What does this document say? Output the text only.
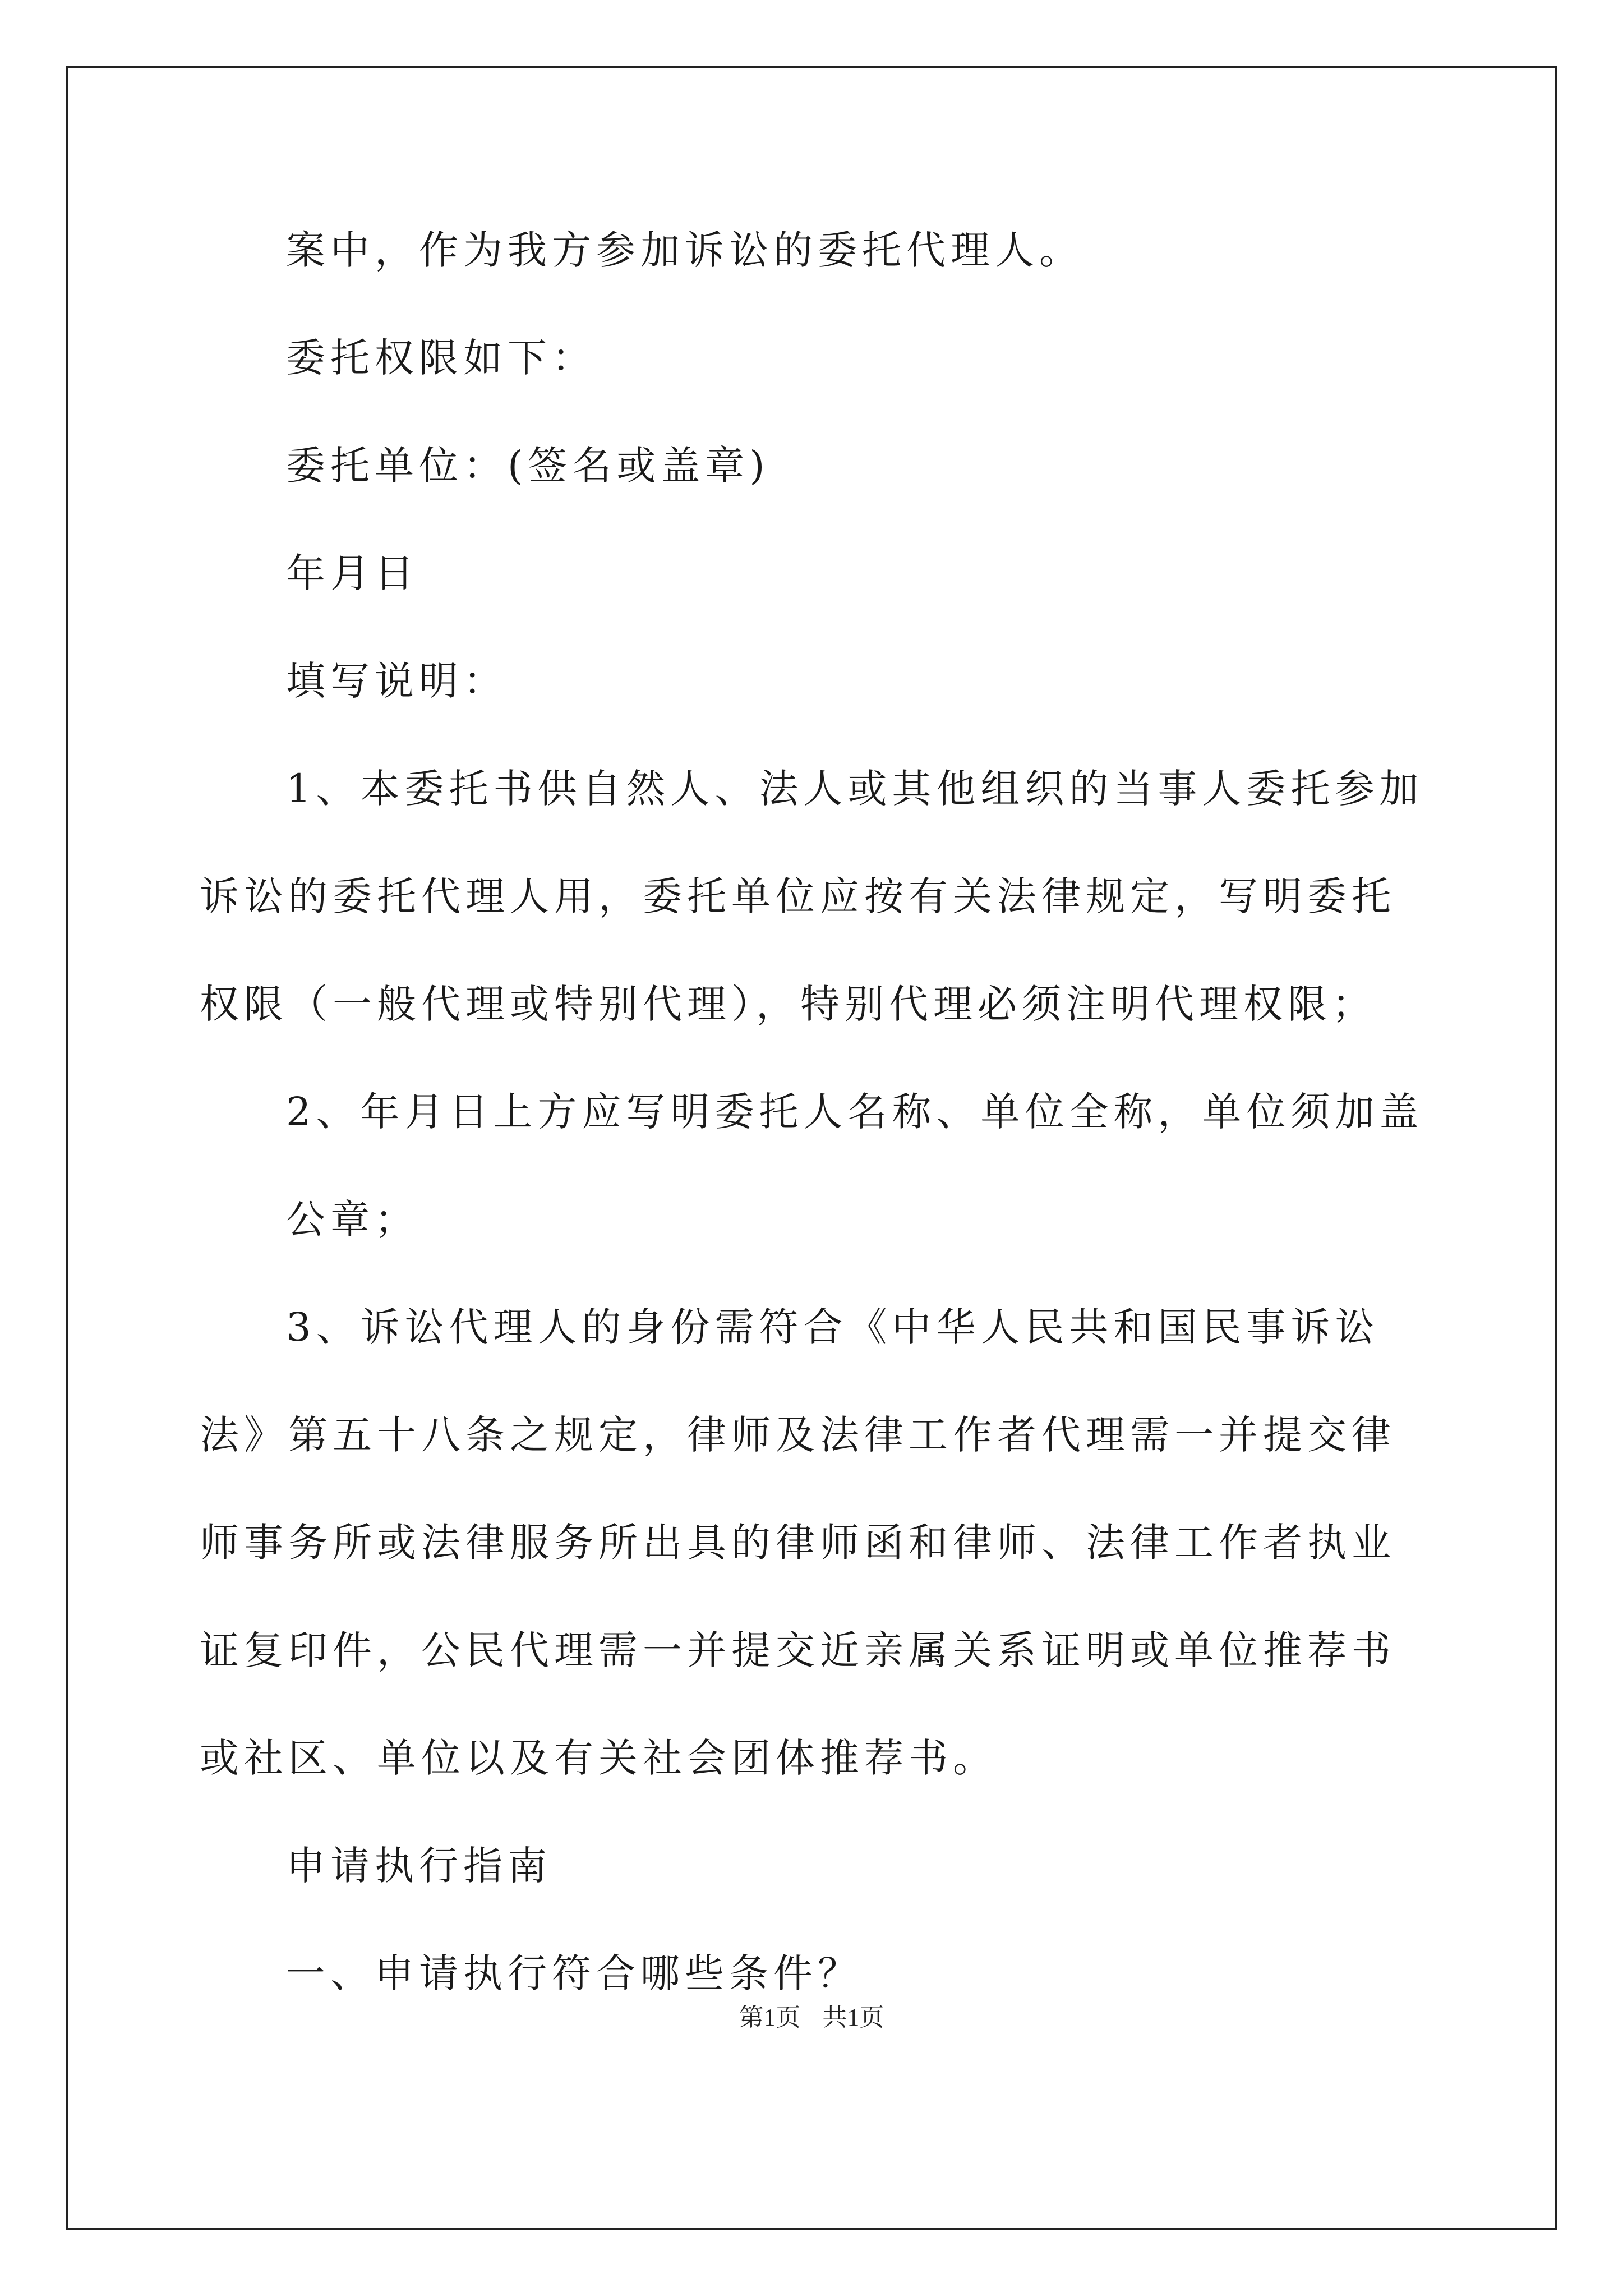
案中，作为我方参加诉讼的委托代理人。

委托权限如下：

委托单位：(签名或盖章)

年月日

填写说明：

1、本委托书供自然人、法人或其他组织的当事人委托参加诉讼的委托代理人用，委托单位应按有关法律规定，写明委托权限（一般代理或特别代理），特别代理必须注明代理权限；

2、年月日上方应写明委托人名称、单位全称，单位须加盖

公章；

3、诉讼代理人的身份需符合《中华人民共和国民事诉讼法》第五十八条之规定，律师及法律工作者代理需一并提交律师事务所或法律服务所出具的律师函和律师、法律工作者执业证复印件，公民代理需一并提交近亲属关系证明或单位推荐书或社区、单位以及有关社会团体推荐书。

申请执行指南

一、申请执行符合哪些条件？

第1页 共1页
